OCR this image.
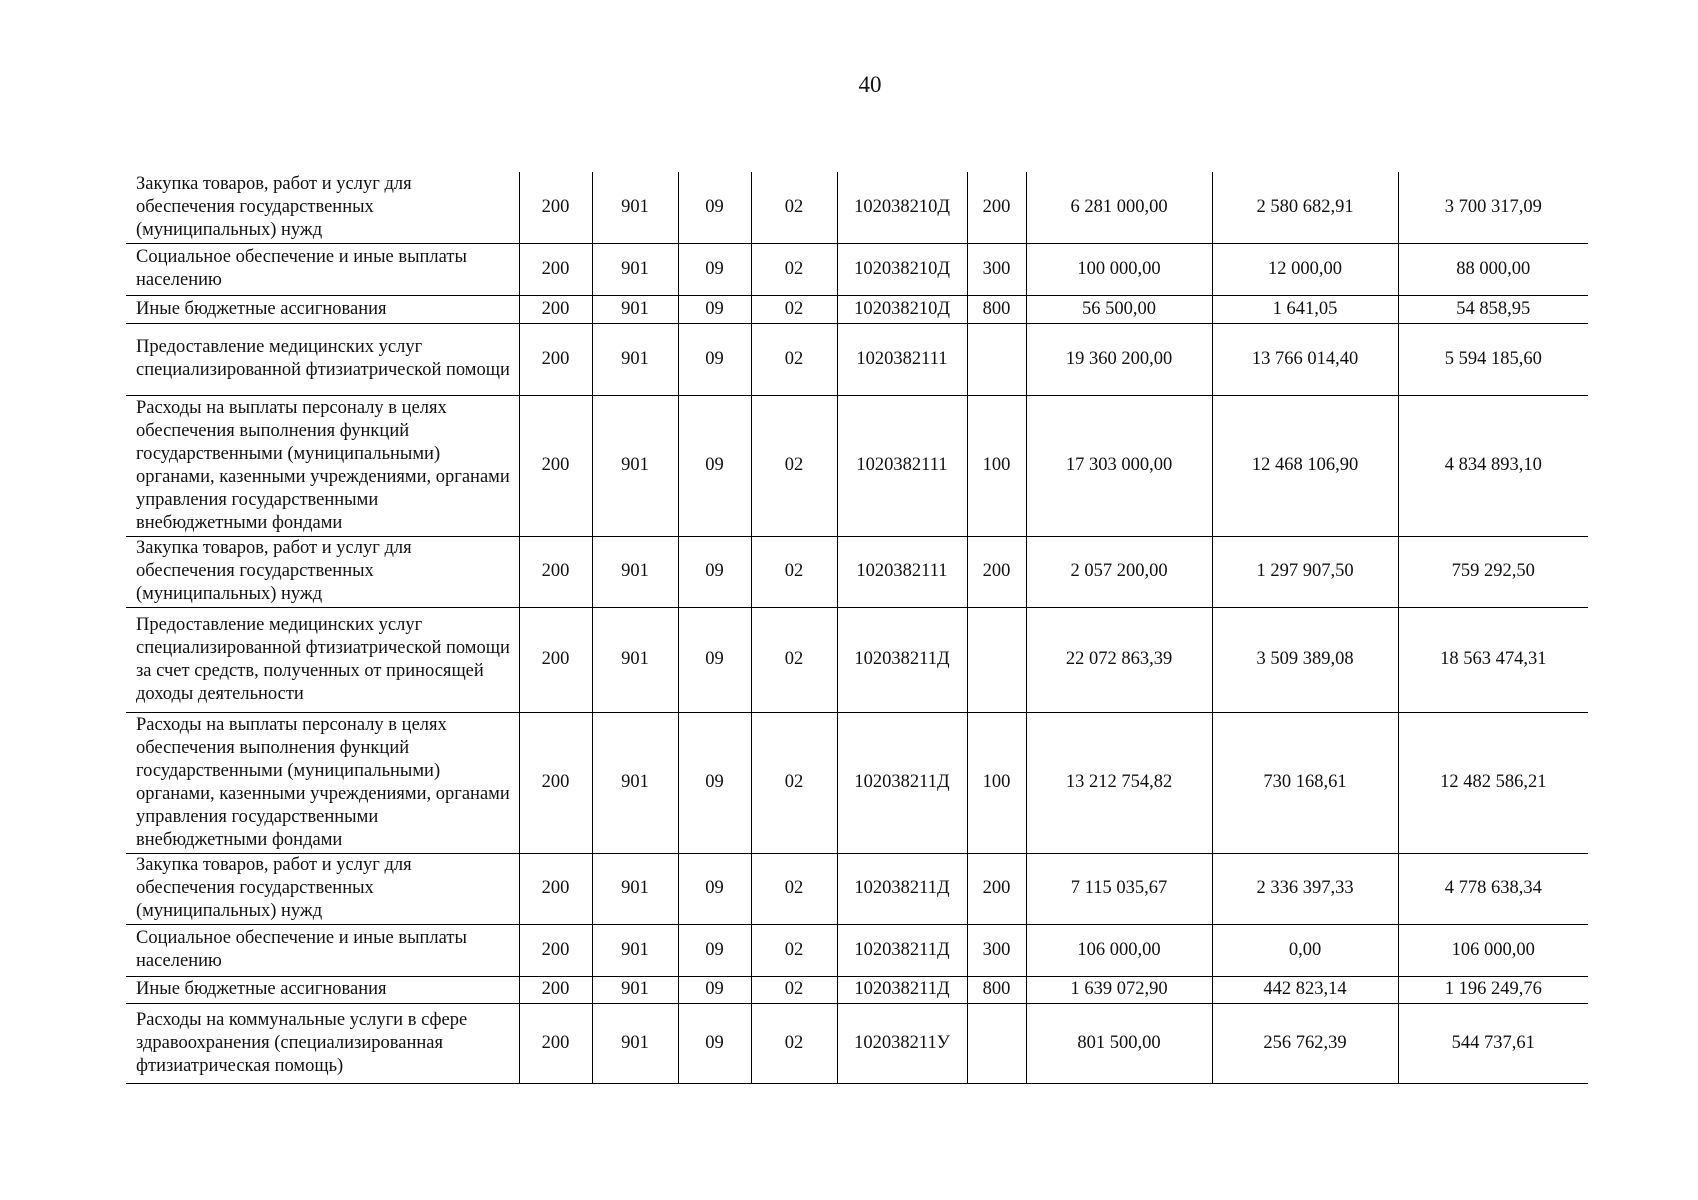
40
Закупка товаров, работ и услуг для обеспечения государственных (муниципальных) нужд	200	901	09	02	102038210Д	200	6 281 000,00	2 580 682,91	3 700 317,09
Социальное обеспечение и иные выплаты населению	200	901	09	02	102038210Д	300	100 000,00	12 000,00	88 000,00
Иные бюджетные ассигнования	200	901	09	02	102038210Д	800	56 500,00	1 641,05	54 858,95
Предоставление медицинских услуг специализированной фтизиатрической помощи	200	901	09	02	1020382111		19 360 200,00	13 766 014,40	5 594 185,60
Расходы на выплаты персоналу в целях обеспечения выполнения функций государственными (муниципальными) органами, казенными учреждениями, органами управления государственными внебюджетными фондами	200	901	09	02	1020382111	100	17 303 000,00	12 468 106,90	4 834 893,10
Закупка товаров, работ и услуг для обеспечения государственных (муниципальных) нужд	200	901	09	02	1020382111	200	2 057 200,00	1 297 907,50	759 292,50
Предоставление медицинских услуг специализированной фтизиатрической помощи за счет средств, полученных от приносящей доходы деятельности	200	901	09	02	102038211Д		22 072 863,39	3 509 389,08	18 563 474,31
Расходы на выплаты персоналу в целях обеспечения выполнения функций государственными (муниципальными) органами, казенными учреждениями, органами управления государственными внебюджетными фондами	200	901	09	02	102038211Д	100	13 212 754,82	730 168,61	12 482 586,21
Закупка товаров, работ и услуг для обеспечения государственных (муниципальных) нужд	200	901	09	02	102038211Д	200	7 115 035,67	2 336 397,33	4 778 638,34
Социальное обеспечение и иные выплаты населению	200	901	09	02	102038211Д	300	106 000,00	0,00	106 000,00
Иные бюджетные ассигнования	200	901	09	02	102038211Д	800	1 639 072,90	442 823,14	1 196 249,76
Расходы на коммунальные услуги в сфере здравоохранения (специализированная фтизиатрическая помощь)	200	901	09	02	102038211У		801 500,00	256 762,39	544 737,61
